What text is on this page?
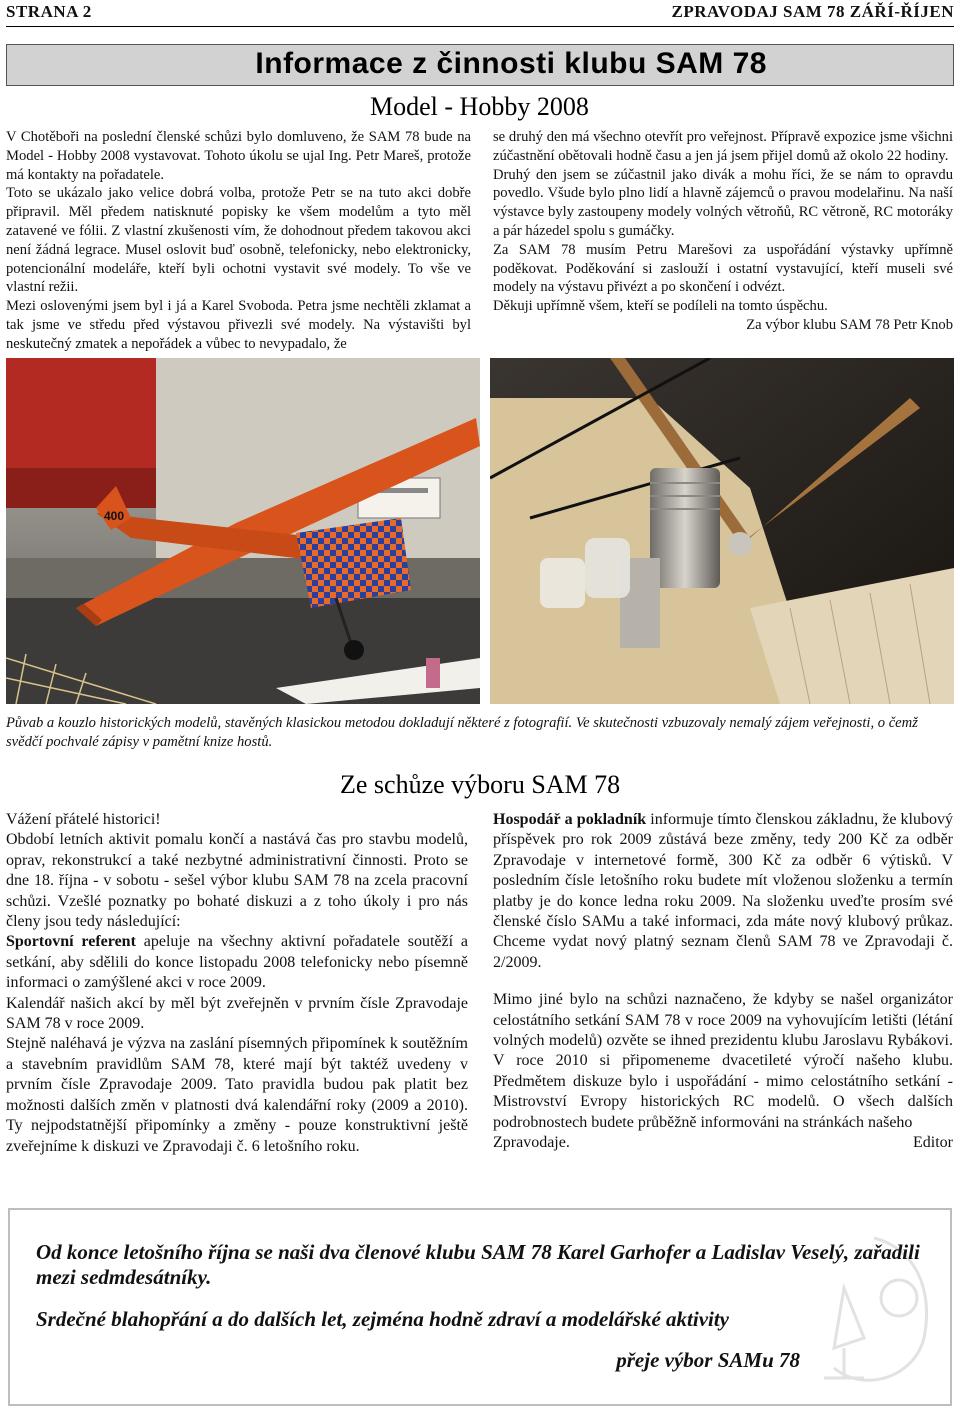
STRANA 2	ZPRAVODAJ SAM 78 ZÁŘÍ-ŘÍJEN
Informace z činnosti klubu SAM 78
Model - Hobby 2008

V Chotěboři na poslední členské schůzi bylo domluveno, že SAM 78 bude na Model - Hobby 2008 vystavovat. Tohoto úkolu se ujal Ing. Petr Mareš, protože má kontakty na pořadatele.

Toto se ukázalo jako velice dobrá volba, protože Petr se na tuto akci dobře připravil. Měl předem natisknuté popisky ke všem modelům a tyto měl zatavené ve fólii. Z vlastní zkušenosti vím, že dohodnout předem takovou akci není žádná legrace. Musel oslovit buď osobně, telefonicky, nebo elektronicky, potencionální modeláře, kteří byli ochotni vystavit své modely. To vše ve vlastní režii.

Mezi oslovenými jsem byl i já a Karel Svoboda. Petra jsme nechtěli zklamat a tak jsme ve středu před výstavou přivezli své modely. Na výstavišti byl neskutečný zmatek a nepořádek a vůbec to nevypadalo, že

se druhý den má všechno otevřít pro veřejnost. Přípravě expozice jsme všichni zúčastnění obětovali hodně času a jen já jsem přijel domů až okolo 22 hodiny.

Druhý den jsem se zúčastnil jako divák a mohu říci, že se nám to opravdu povedlo. Všude bylo plno lidí a hlavně zájemců o pravou modelařinu. Na naší výstavce byly zastoupeny modely volných větroňů, RC větroně, RC motoráky a pár házedel spolu s gumáčky.

Za SAM 78 musím Petru Marešovi za uspořádání výstavky upřímně poděkovat. Poděkování si zaslouží i ostatní vystavující, kteří museli své modely na výstavu přivézt a po skončení i odvézt.

Děkuji upřímně všem, kteří se podíleli na tomto úspěchu.

Za výbor klubu SAM 78 Petr Knob

400
Půvab a kouzlo historických modelů, stavěných klasickou metodou dokladují některé z fotografií. Ve skutečnosti vzbuzovaly nemalý zájem veřejnosti, o čemž svědčí pochvalé zápisy v pamětní knize hostů.
Ze schůze výboru SAM 78

Vážení přátelé historici!

Období letních aktivit pomalu končí a nastává čas pro stavbu modelů, oprav, rekonstrukcí a také nezbytné administrativní činnosti. Proto se dne 18. října - v sobotu - sešel výbor klubu SAM 78 na zcela pracovní schůzi. Vzešlé poznatky po bohaté diskuzi a z toho úkoly i pro nás členy jsou tedy následující:

Sportovní referent apeluje na všechny aktivní pořadatele soutěží a setkání, aby sdělili do konce listopadu 2008 telefonicky nebo písemně informaci o zamýšlené akci v roce 2009.

Kalendář našich akcí by měl být zveřejněn v prvním čísle Zpravodaje SAM 78 v roce 2009.

Stejně naléhavá je výzva na zaslání písemných připomínek k soutěžním a stavebním pravidlům SAM 78, které mají být taktéž uvedeny v prvním čísle Zpravodaje 2009. Tato pravidla budou pak platit bez možnosti dalších změn v platnosti dvá kalendářní roky (2009 a 2010). Ty nejpodstatnější připomínky a změny - pouze konstruktivní ještě zveřejníme k diskuzi ve Zpravodaji č. 6 letošního roku.

Hospodář a pokladník informuje tímto členskou základnu, že klubový příspěvek pro rok 2009 zůstává beze změny, tedy 200 Kč za odběr Zpravodaje v internetové formě, 300 Kč za odběr 6 výtisků. V posledním čísle letošního roku budete mít vloženou složenku a termín platby je do konce ledna roku 2009. Na složenku uveďte prosím své členské číslo SAMu a také informaci, zda máte nový klubový průkaz. Chceme vydat nový platný seznam členů SAM 78 ve Zpravodaji č. 2/2009.

Mimo jiné bylo na schůzi naznačeno, že kdyby se našel organizátor celostátního setkání SAM 78 v roce 2009 na vyhovujícím letišti (létání volných modelů) ozvěte se ihned prezidentu klubu Jaroslavu Rybákovi. V roce 2010 si připomeneme dvacetileté výročí našeho klubu. Předmětem diskuze bylo i uspořádání - mimo celostátního setkání - Mistrovství Evropy historických RC modelů. O všech dalších podrobnostech budete průběžně informováni na stránkách našeho

Zpravodaje.	Editor

Od konce letošního října se naši dva členové klubu SAM 78 Karel Garhofer a Ladislav Veselý, zařadili mezi sedmdesátníky.
Srdečné blahopřání a do dalších let, zejména hodně zdraví a modelářské aktivity
přeje výbor SAMu 78
